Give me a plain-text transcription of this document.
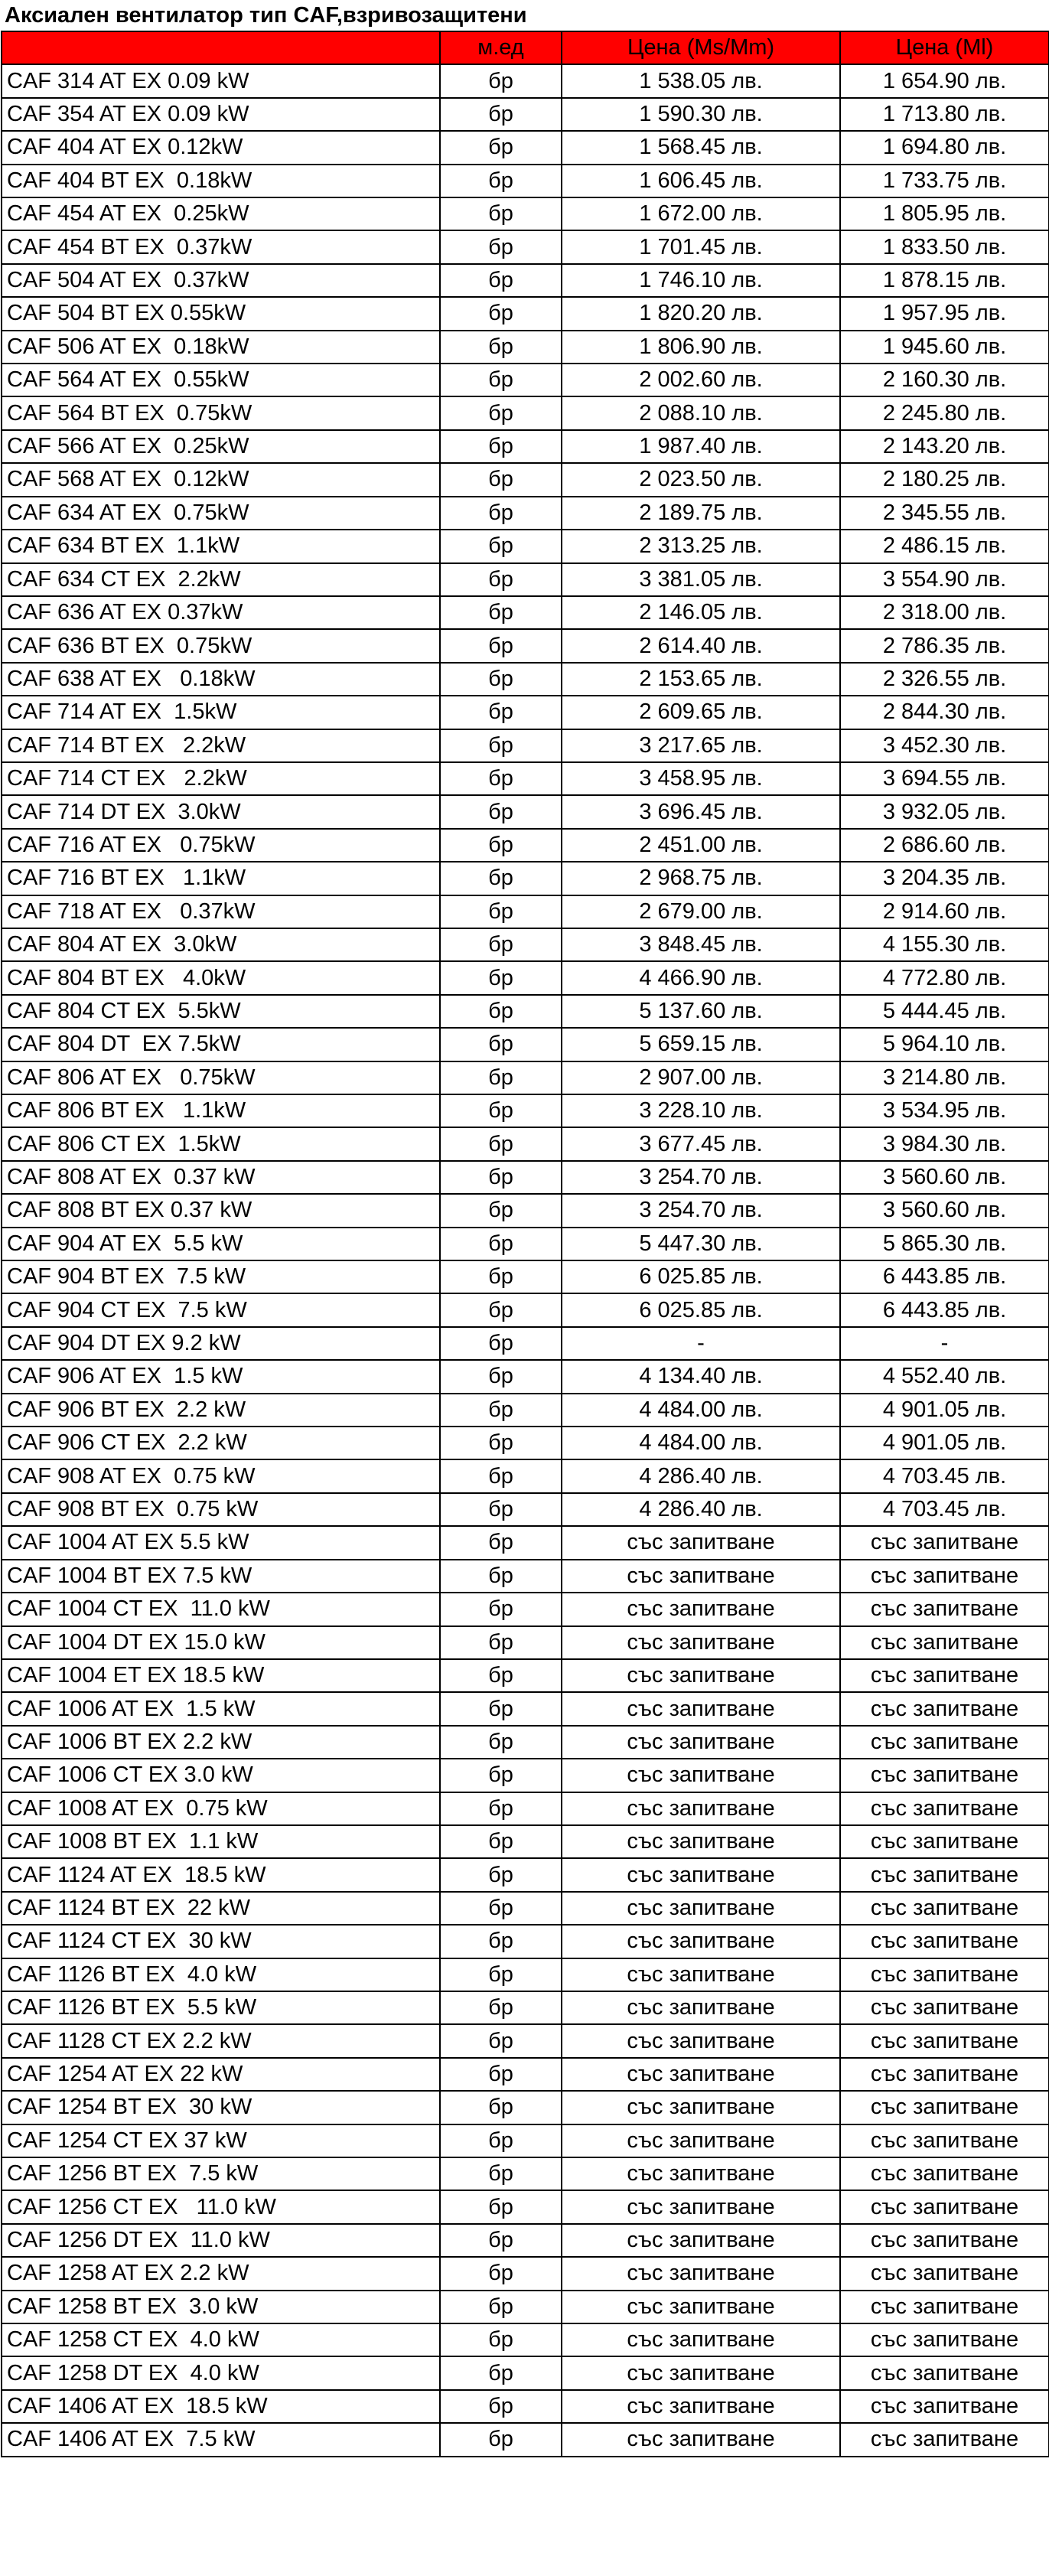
Аксиален вентилатор тип CAF,взривозащитени
	м.ед	Цена (Ms/Mm)	Цена (Ml)
CAF 314 AT EX 0.09 kW	бр	1 538.05 лв.	1 654.90 лв.
CAF 354 AT EX 0.09 kW	бр	1 590.30 лв.	1 713.80 лв.
CAF 404 AT EX 0.12kW	бр	1 568.45 лв.	1 694.80 лв.
CAF 404 BT EX  0.18kW	бр	1 606.45 лв.	1 733.75 лв.
CAF 454 AT EX  0.25kW	бр	1 672.00 лв.	1 805.95 лв.
CAF 454 BT EX  0.37kW	бр	1 701.45 лв.	1 833.50 лв.
CAF 504 AT EX  0.37kW	бр	1 746.10 лв.	1 878.15 лв.
CAF 504 BT EX 0.55kW	бр	1 820.20 лв.	1 957.95 лв.
CAF 506 AT EX  0.18kW	бр	1 806.90 лв.	1 945.60 лв.
CAF 564 AT EX  0.55kW	бр	2 002.60 лв.	2 160.30 лв.
CAF 564 BT EX  0.75kW	бр	2 088.10 лв.	2 245.80 лв.
CAF 566 AT EX  0.25kW	бр	1 987.40 лв.	2 143.20 лв.
CAF 568 AT EX  0.12kW	бр	2 023.50 лв.	2 180.25 лв.
CAF 634 AT EX  0.75kW	бр	2 189.75 лв.	2 345.55 лв.
CAF 634 BT EX  1.1kW	бр	2 313.25 лв.	2 486.15 лв.
CAF 634 CT EX  2.2kW	бр	3 381.05 лв.	3 554.90 лв.
CAF 636 AT EX 0.37kW	бр	2 146.05 лв.	2 318.00 лв.
CAF 636 BT EX  0.75kW	бр	2 614.40 лв.	2 786.35 лв.
CAF 638 AT EX   0.18kW	бр	2 153.65 лв.	2 326.55 лв.
CAF 714 AT EX  1.5kW	бр	2 609.65 лв.	2 844.30 лв.
CAF 714 BT EX   2.2kW	бр	3 217.65 лв.	3 452.30 лв.
CAF 714 CT EX   2.2kW	бр	3 458.95 лв.	3 694.55 лв.
CAF 714 DT EX  3.0kW	бр	3 696.45 лв.	3 932.05 лв.
CAF 716 AT EX   0.75kW	бр	2 451.00 лв.	2 686.60 лв.
CAF 716 BT EX   1.1kW	бр	2 968.75 лв.	3 204.35 лв.
CAF 718 AT EX   0.37kW	бр	2 679.00 лв.	2 914.60 лв.
CAF 804 AT EX  3.0kW	бр	3 848.45 лв.	4 155.30 лв.
CAF 804 BT EX   4.0kW	бр	4 466.90 лв.	4 772.80 лв.
CAF 804 CT EX  5.5kW	бр	5 137.60 лв.	5 444.45 лв.
CAF 804 DT  EX 7.5kW	бр	5 659.15 лв.	5 964.10 лв.
CAF 806 AT EX   0.75kW	бр	2 907.00 лв.	3 214.80 лв.
CAF 806 BT EX   1.1kW	бр	3 228.10 лв.	3 534.95 лв.
CAF 806 CT EX  1.5kW	бр	3 677.45 лв.	3 984.30 лв.
CAF 808 AT EX  0.37 kW	бр	3 254.70 лв.	3 560.60 лв.
CAF 808 BT EX 0.37 kW	бр	3 254.70 лв.	3 560.60 лв.
CAF 904 AT EX  5.5 kW	бр	5 447.30 лв.	5 865.30 лв.
CAF 904 BT EX  7.5 kW	бр	6 025.85 лв.	6 443.85 лв.
CAF 904 CT EX  7.5 kW	бр	6 025.85 лв.	6 443.85 лв.
CAF 904 DT EX 9.2 kW	бр	-	-
CAF 906 AT EX  1.5 kW	бр	4 134.40 лв.	4 552.40 лв.
CAF 906 BT EX  2.2 kW	бр	4 484.00 лв.	4 901.05 лв.
CAF 906 CT EX  2.2 kW	бр	4 484.00 лв.	4 901.05 лв.
CAF 908 AT EX  0.75 kW	бр	4 286.40 лв.	4 703.45 лв.
CAF 908 BT EX  0.75 kW	бр	4 286.40 лв.	4 703.45 лв.
CAF 1004 AT EX 5.5 kW	бр	със запитване	със запитване
CAF 1004 BT EX 7.5 kW	бр	със запитване	със запитване
CAF 1004 CT EX  11.0 kW	бр	със запитване	със запитване
CAF 1004 DT EX 15.0 kW	бр	със запитване	със запитване
CAF 1004 ET EX 18.5 kW	бр	със запитване	със запитване
CAF 1006 AT EX  1.5 kW	бр	със запитване	със запитване
CAF 1006 BT EX 2.2 kW	бр	със запитване	със запитване
CAF 1006 CT EX 3.0 kW	бр	със запитване	със запитване
CAF 1008 AT EX  0.75 kW	бр	със запитване	със запитване
CAF 1008 BT EX  1.1 kW	бр	със запитване	със запитване
CAF 1124 AT EX  18.5 kW	бр	със запитване	със запитване
CAF 1124 BT EX  22 kW	бр	със запитване	със запитване
CAF 1124 CT EX  30 kW	бр	със запитване	със запитване
CAF 1126 BT EX  4.0 kW	бр	със запитване	със запитване
CAF 1126 BT EX  5.5 kW	бр	със запитване	със запитване
CAF 1128 CT EX 2.2 kW	бр	със запитване	със запитване
CAF 1254 AT EX 22 kW	бр	със запитване	със запитване
CAF 1254 BT EX  30 kW	бр	със запитване	със запитване
CAF 1254 CT EX 37 kW	бр	със запитване	със запитване
CAF 1256 BT EX  7.5 kW	бр	със запитване	със запитване
CAF 1256 CT EX   11.0 kW	бр	със запитване	със запитване
CAF 1256 DT EX  11.0 kW	бр	със запитване	със запитване
CAF 1258 AT EX 2.2 kW	бр	със запитване	със запитване
CAF 1258 BT EX  3.0 kW	бр	със запитване	със запитване
CAF 1258 CT EX  4.0 kW	бр	със запитване	със запитване
CAF 1258 DT EX  4.0 kW	бр	със запитване	със запитване
CAF 1406 AT EX  18.5 kW	бр	със запитване	със запитване
CAF 1406 AT EX  7.5 kW	бр	със запитване	със запитване
